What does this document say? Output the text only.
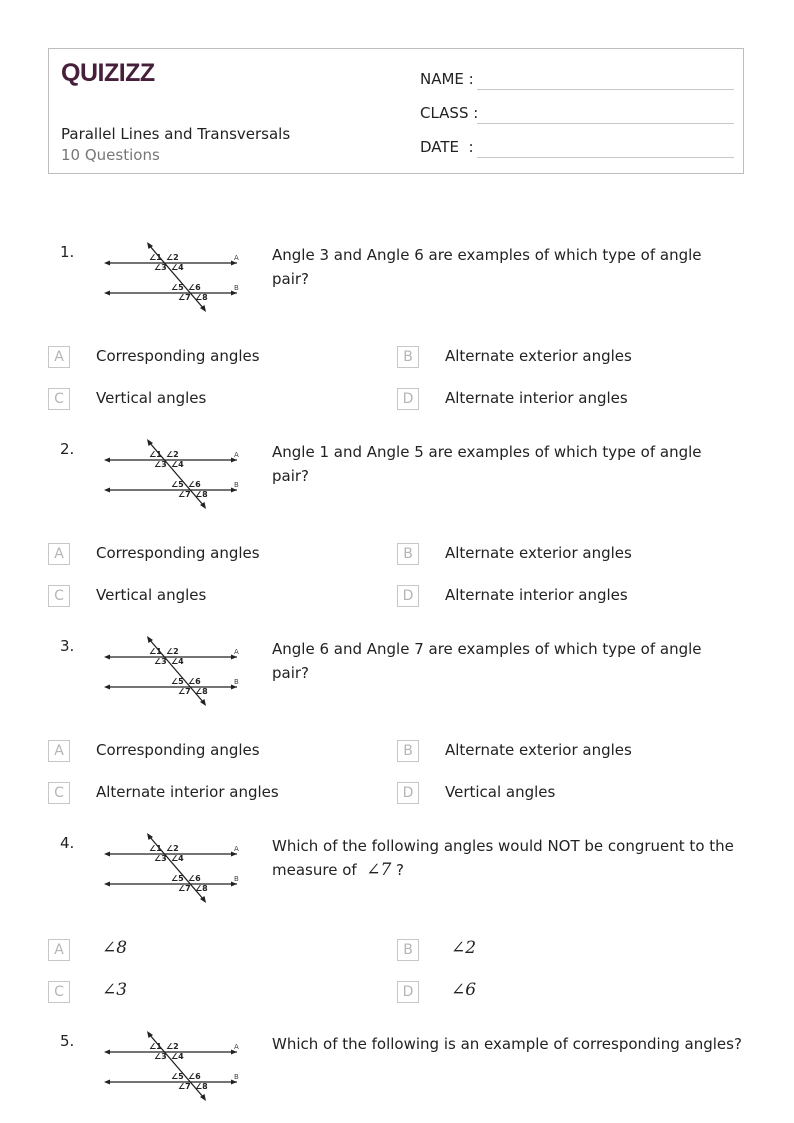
QUIZIZZ
Parallel Lines and Transversals
10 Questions
NAME :
CLASS :
DATE  :
1.	∠1 ∠2
∠3 ∠4
∠5 ∠6
∠7 ∠8
A
B
Angle 3 and Angle 6 are examples of which type of angle pair?
A	Corresponding angles	B	Alternate exterior angles
C	Vertical angles	D	Alternate interior angles
2.	∠1 ∠2
∠3 ∠4
∠5 ∠6
∠7 ∠8
A
B
Angle 1 and Angle 5 are examples of which type of angle pair?
A	Corresponding angles	B	Alternate exterior angles
C	Vertical angles	D	Alternate interior angles
3.	∠1 ∠2
∠3 ∠4
∠5 ∠6
∠7 ∠8
A
B
Angle 6 and Angle 7 are examples of which type of angle pair?
A	Corresponding angles	B	Alternate exterior angles
C	Alternate interior angles	D	Vertical angles
4.	∠1 ∠2
∠3 ∠4
∠5 ∠6
∠7 ∠8
A
B
Which of the following angles would NOT be congruent to the measure of ∠7 ?
A	∠8	B	∠2
C	∠3	D	∠6
5.	∠1 ∠2
∠3 ∠4
∠5 ∠6
∠7 ∠8
A
B
Which of the following is an example of corresponding angles?
